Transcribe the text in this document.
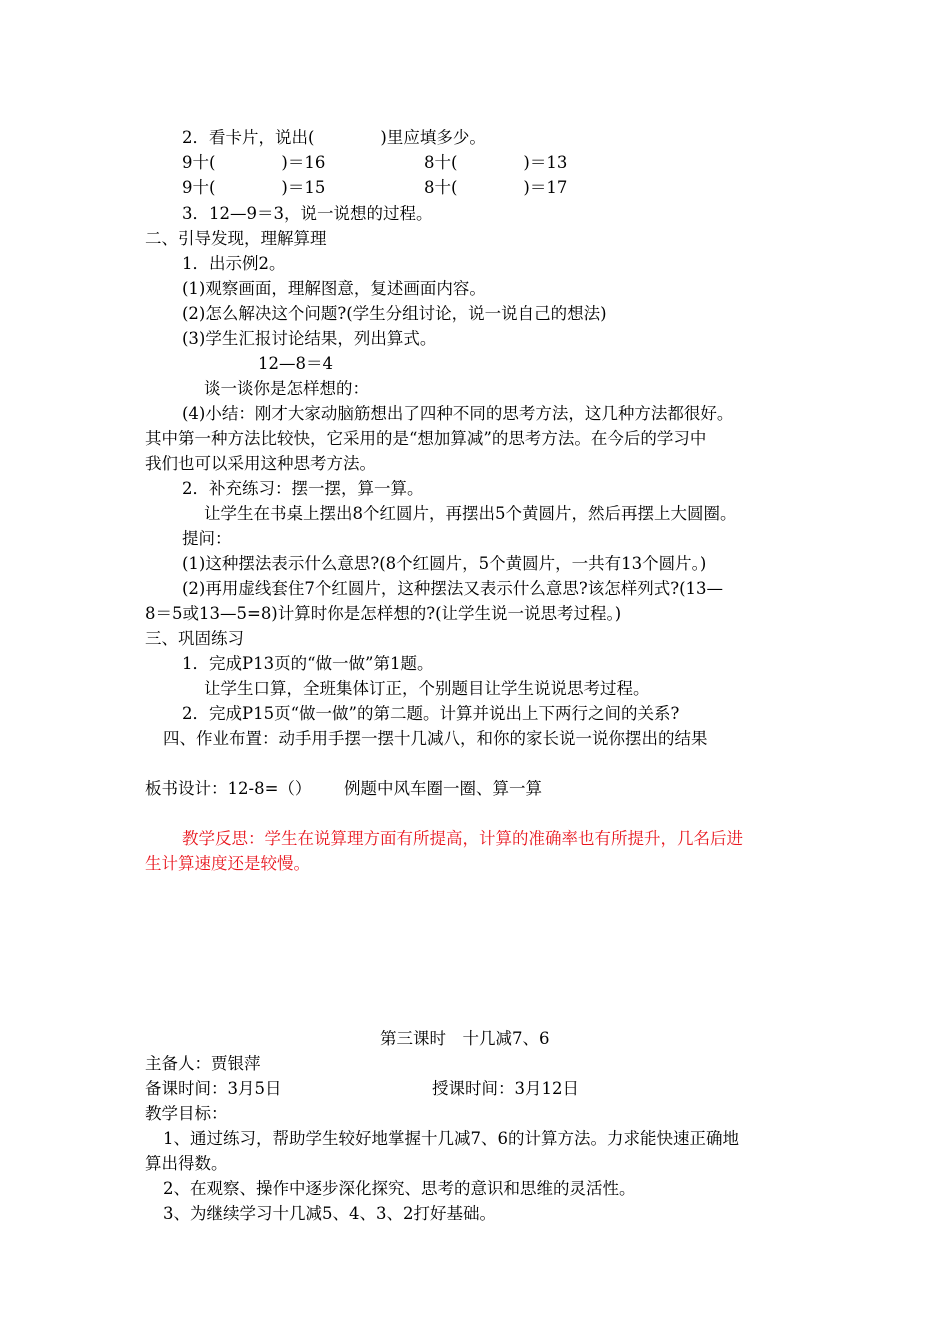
2．看卡片，说出(　　　　)里应填多少。
9十(　　　　)＝16	8十(　　　　)＝13
9十(　　　　)＝15	8十(　　　　)＝17
3．12—9＝3，说一说想的过程。
二、引导发现，理解算理
1．出示例2。
(1)观察画面，理解图意，复述画面内容。
(2)怎么解决这个问题?(学生分组讨论，说一说自己的想法)
(3)学生汇报讨论结果，列出算式。
12—8＝4
谈一谈你是怎样想的：
(4)小结：刚才大家动脑筋想出了四种不同的思考方法，这几种方法都很好。
其中第一种方法比较快，它采用的是“想加算减”的思考方法。在今后的学习中
我们也可以采用这种思考方法。
2．补充练习：摆一摆，算一算。
让学生在书桌上摆出8个红圆片，再摆出5个黄圆片，然后再摆上大圆圈。
提问：
(1)这种摆法表示什么意思?(8个红圆片，5个黄圆片，一共有13个圆片。)
(2)再用虚线套住7个红圆片，这种摆法又表示什么意思?该怎样列式?(13—
8＝5或13—5=8)计算时你是怎样想的?(让学生说一说思考过程。)
三、巩固练习
1．完成P13页的“做一做”第1题。
让学生口算，全班集体订正，个别题目让学生说说思考过程。
2．完成P15页“做一做”的第二题。计算并说出上下两行之间的关系?
四、作业布置：动手用手摆一摆十几减八，和你的家长说一说你摆出的结果
板书设计：12-8=（） 例题中风车圈一圈、算一算
教学反思：学生在说算理方面有所提高，计算的准确率也有所提升，几名后进
生计算速度还是较慢。
第三课时　十几减7、6
主备人：贾银萍
备课时间：3月5日	授课时间：3月12日
教学目标：
1、通过练习，帮助学生较好地掌握十几减7、6的计算方法。力求能快速正确地
算出得数。
2、在观察、操作中逐步深化探究、思考的意识和思维的灵活性。
3、为继续学习十几减5、4、3、2打好基础。
